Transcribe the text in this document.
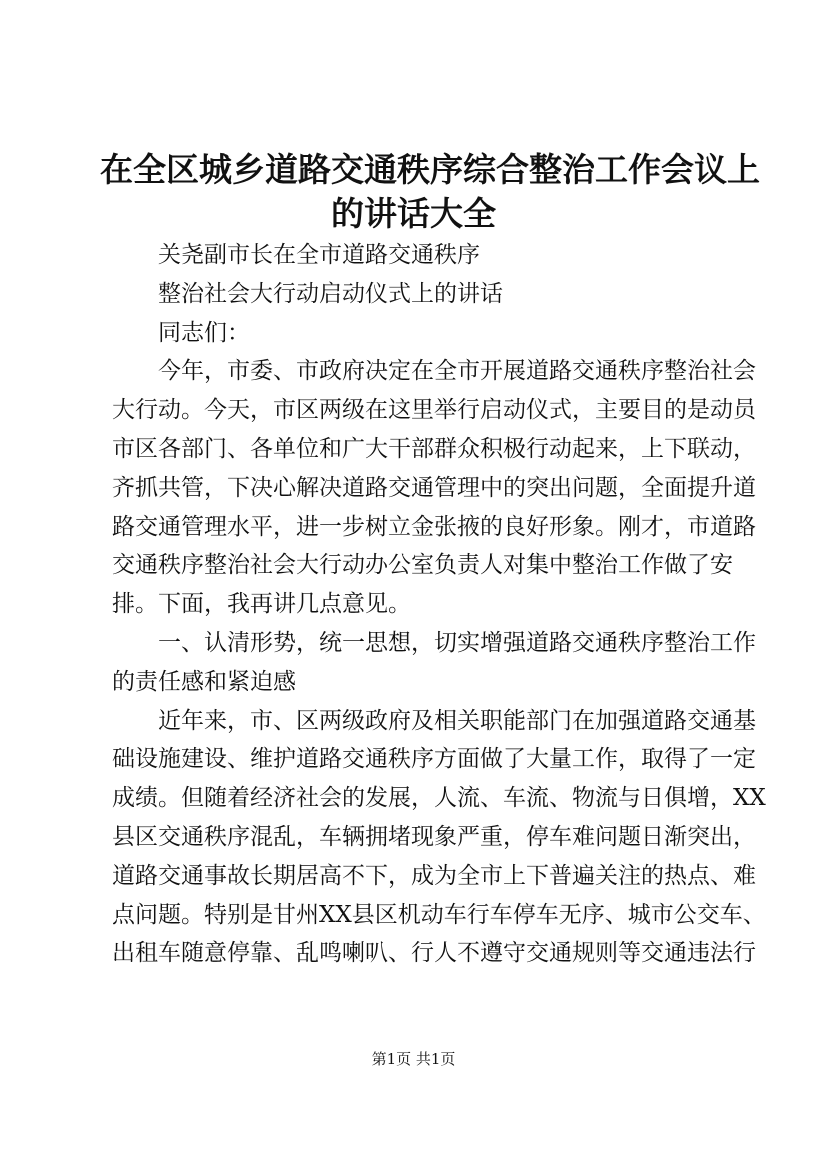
在全区城乡道路交通秩序综合整治工作会议上
的讲话大全

关尧副市长在全市道路交通秩序

整治社会大行动启动仪式上的讲话

同志们：

今年，市委、市政府决定在全市开展道路交通秩序整治社会
大行动。今天，市区两级在这里举行启动仪式，主要目的是动员
市区各部门、各单位和广大干部群众积极行动起来，上下联动，
齐抓共管，下决心解决道路交通管理中的突出问题，全面提升道
路交通管理水平，进一步树立金张掖的良好形象。刚才，市道路
交通秩序整治社会大行动办公室负责人对集中整治工作做了安
排。下面，我再讲几点意见。

一、认清形势，统一思想，切实增强道路交通秩序整治工作
的责任感和紧迫感

近年来，市、区两级政府及相关职能部门在加强道路交通基
础设施建设、维护道路交通秩序方面做了大量工作，取得了一定
成绩。但随着经济社会的发展，人流、车流、物流与日俱增，XX
县区交通秩序混乱，车辆拥堵现象严重，停车难问题日渐突出，
道路交通事故长期居高不下，成为全市上下普遍关注的热点、难
点问题。特别是甘州XX县区机动车行车停车无序、城市公交车、
出租车随意停靠、乱鸣喇叭、行人不遵守交通规则等交通违法行

第1页 共1页
